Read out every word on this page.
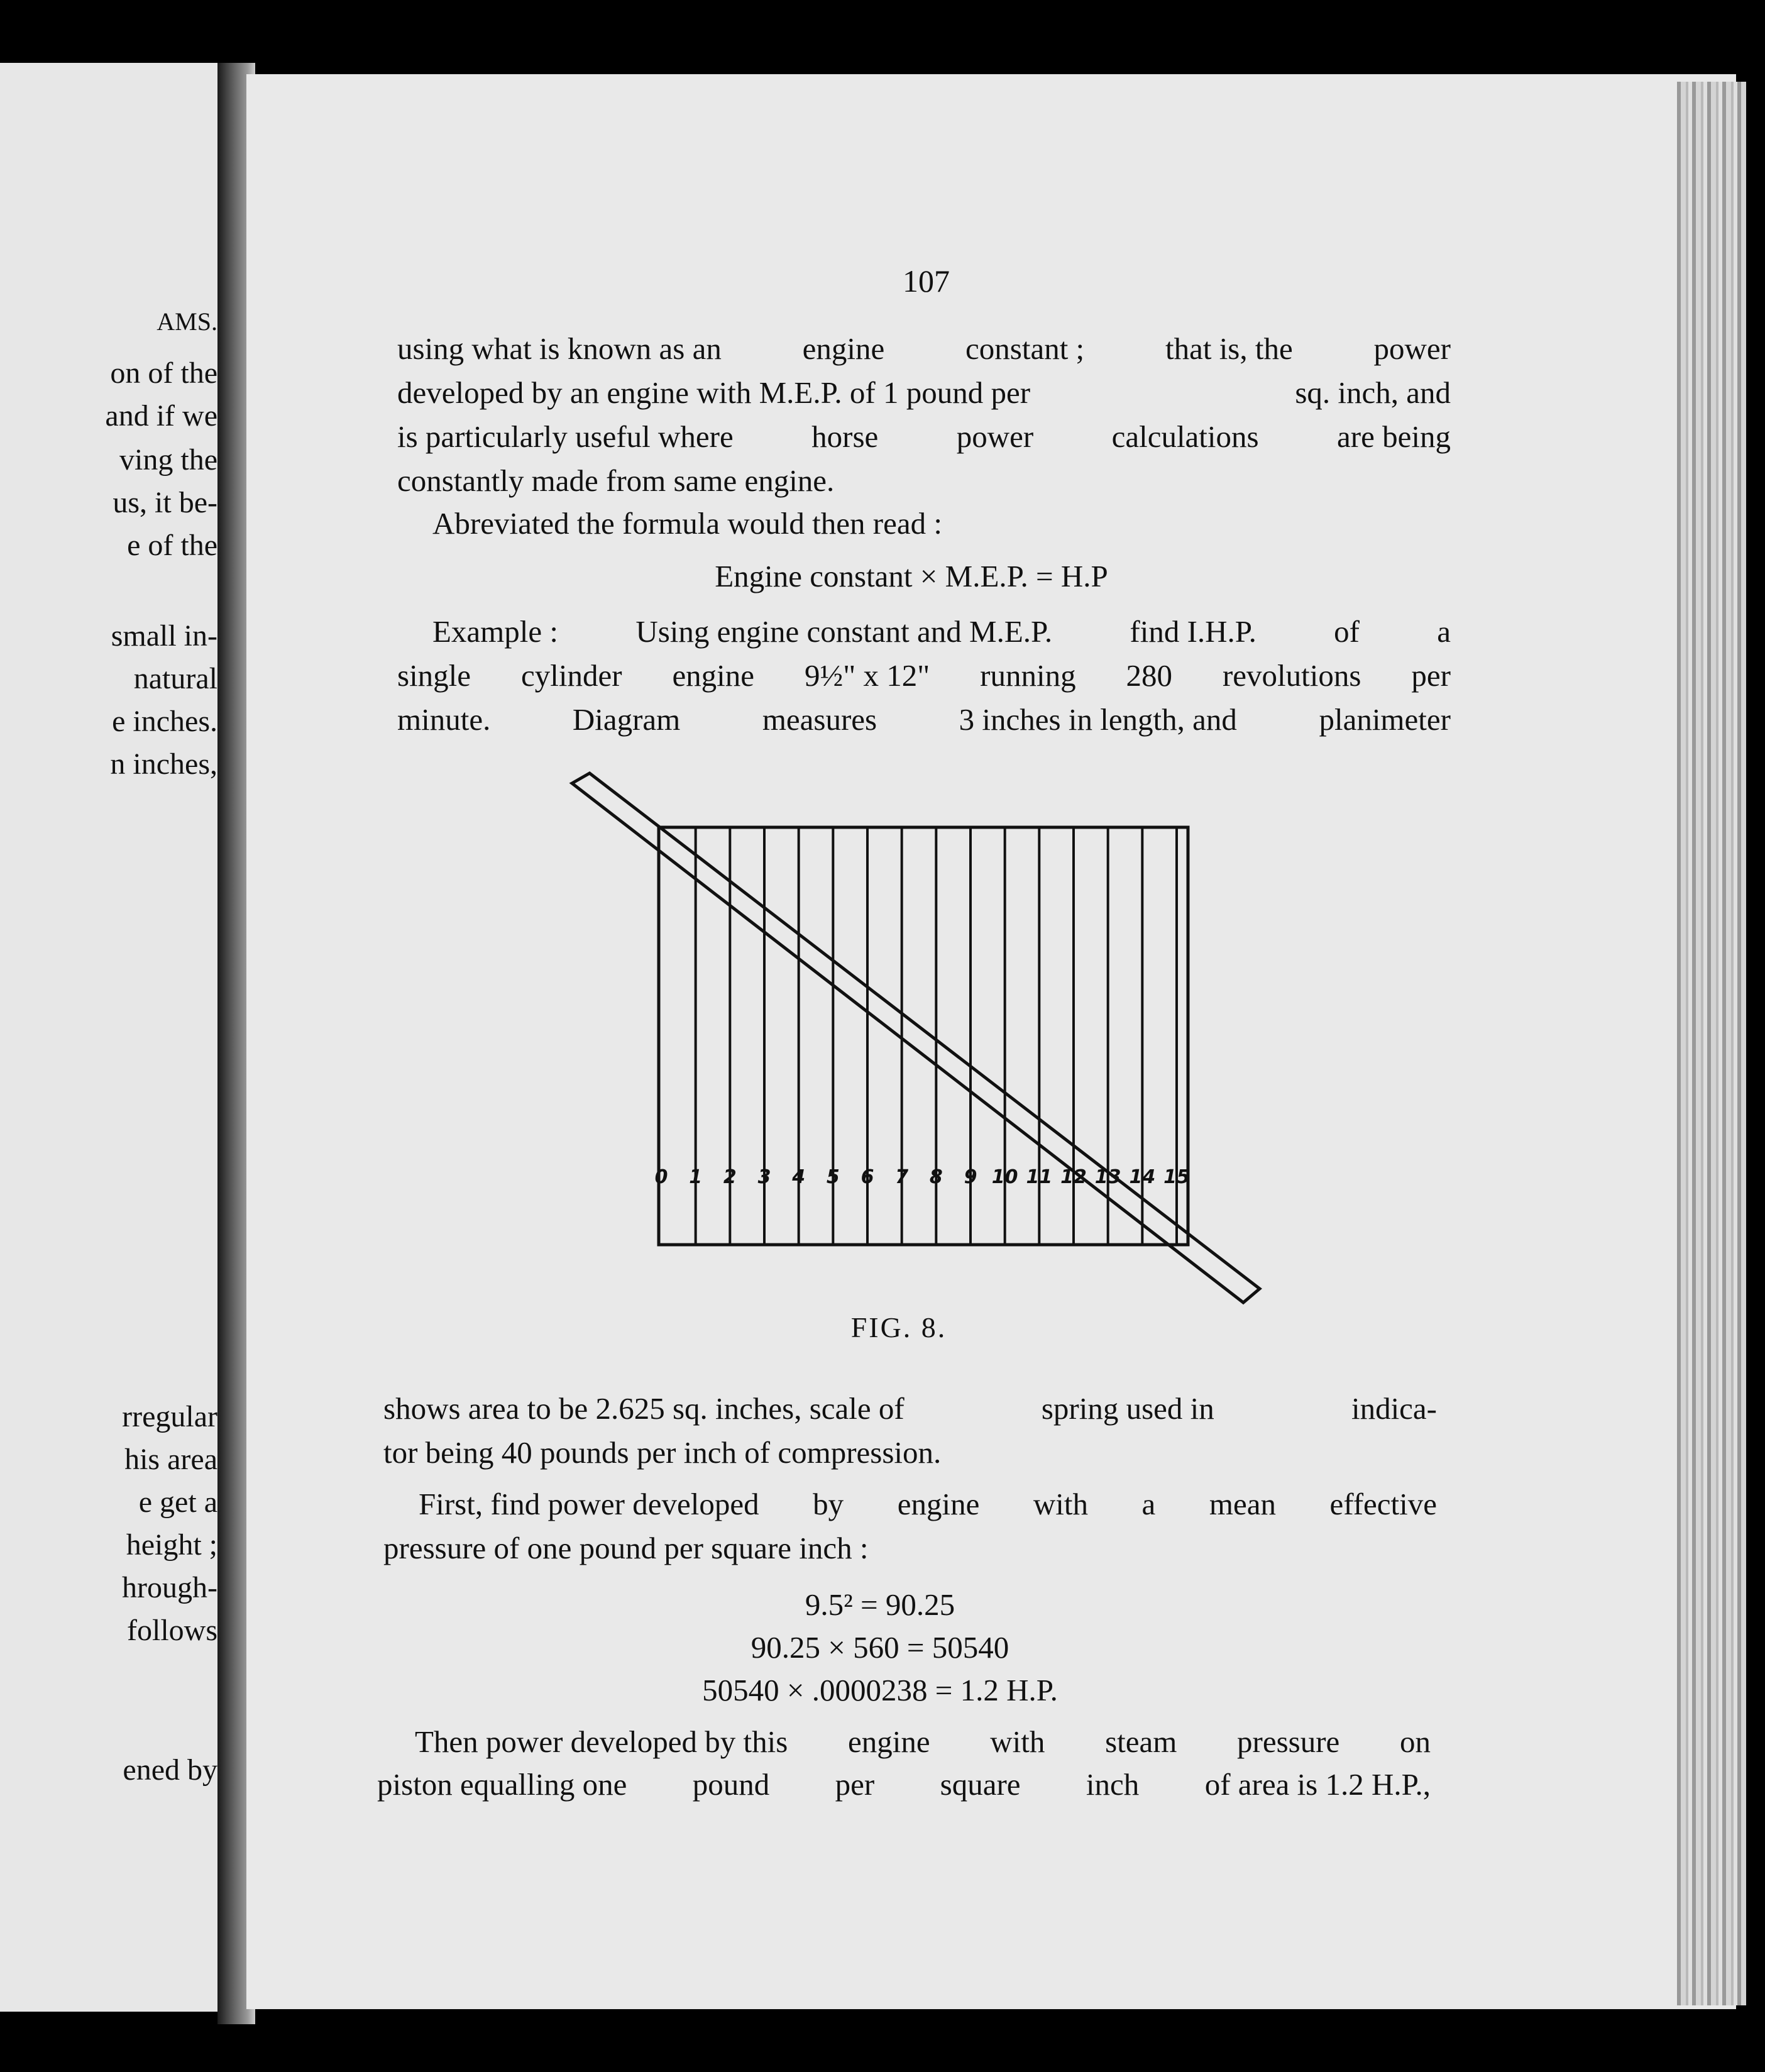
AMS.
on of the
and if we
ving the
us, it be-
e of the
small in-
natural
e inches.
n inches,
rregular
his area
e get a
height ;
hrough-
follows
ened by
107
using what is known as an	engine	constant ;	that is, the	power
developed by an engine with M.E.P. of 1 pound per	sq. inch, and
is particularly useful where	horse	power	calculations	are being
constantly made from same engine.
Abreviated the formula would then read :
Engine constant × M.E.P. = H.P
Example :	Using engine constant and M.E.P.	find I.H.P.	of	a
single cylinder engine 9½" x 12" running 280 revolutions per
minute.	Diagram	measures	3 inches in length, and	planimeter
0 1 2 3 4 5 6 7 8 9 10 11 12 13 14 15
FIG. 8.
shows area to be 2.625 sq. inches, scale of	spring used in	indica-
tor being 40 pounds per inch of compression.
First, find power developed by engine with a mean effective
pressure of one pound per square inch :
9.5² = 90.25
90.25 × 560 = 50540
50540 × .0000238 = 1.2 H.P.
Then power developed by this engine with steam pressure on
piston equalling one pound per square inch of area is 1.2 H.P.,
